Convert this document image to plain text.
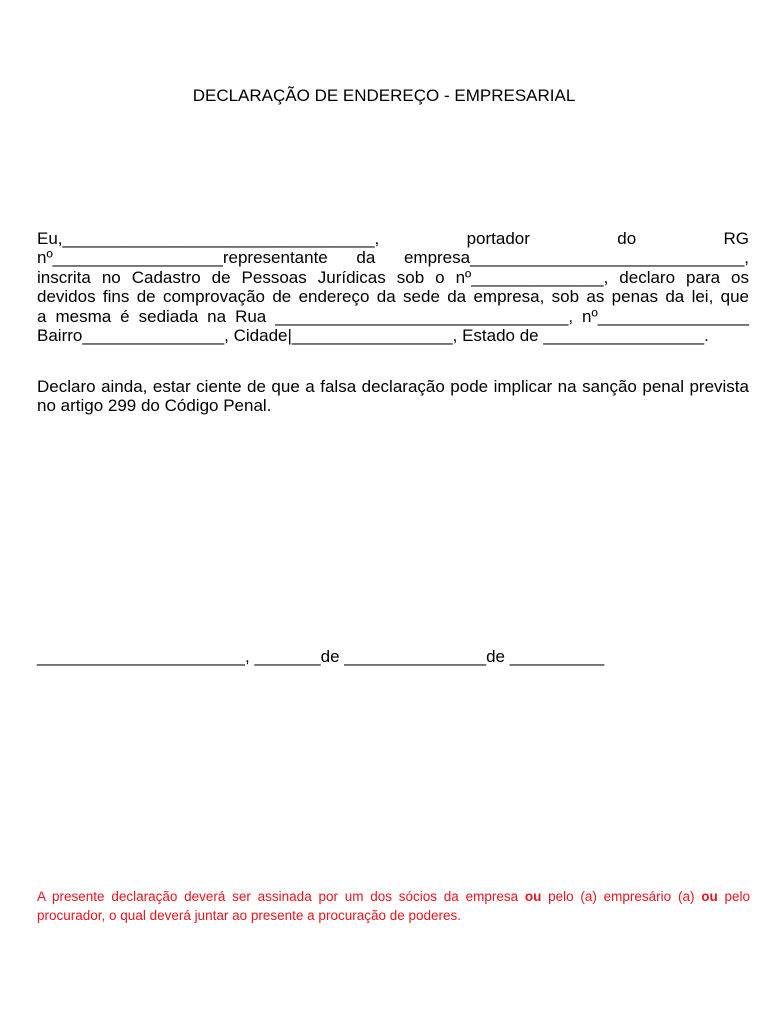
DECLARAÇÃO DE ENDEREÇO - EMPRESARIAL
Eu,_________________________________, portador do RG
nº__________________representante da empresa_____________________________,
inscrita no Cadastro de Pessoas Jurídicas sob o nº______________, declaro para os
devidos fins de comprovação de endereço da sede da empresa, sob as penas da lei, que
a mesma é sediada na Rua _______________________________, nº________________
Bairro_______________, Cidade|_________________, Estado de _________________.
Declaro ainda, estar ciente de que a falsa declaração pode implicar na sanção penal prevista no artigo 299 do Código Penal.
______________________, _______de _______________de __________
A presente declaração deverá ser assinada por um dos sócios da empresa ou pelo (a) empresário (a) ou pelo procurador, o qual deverá juntar ao presente a procuração de poderes.
